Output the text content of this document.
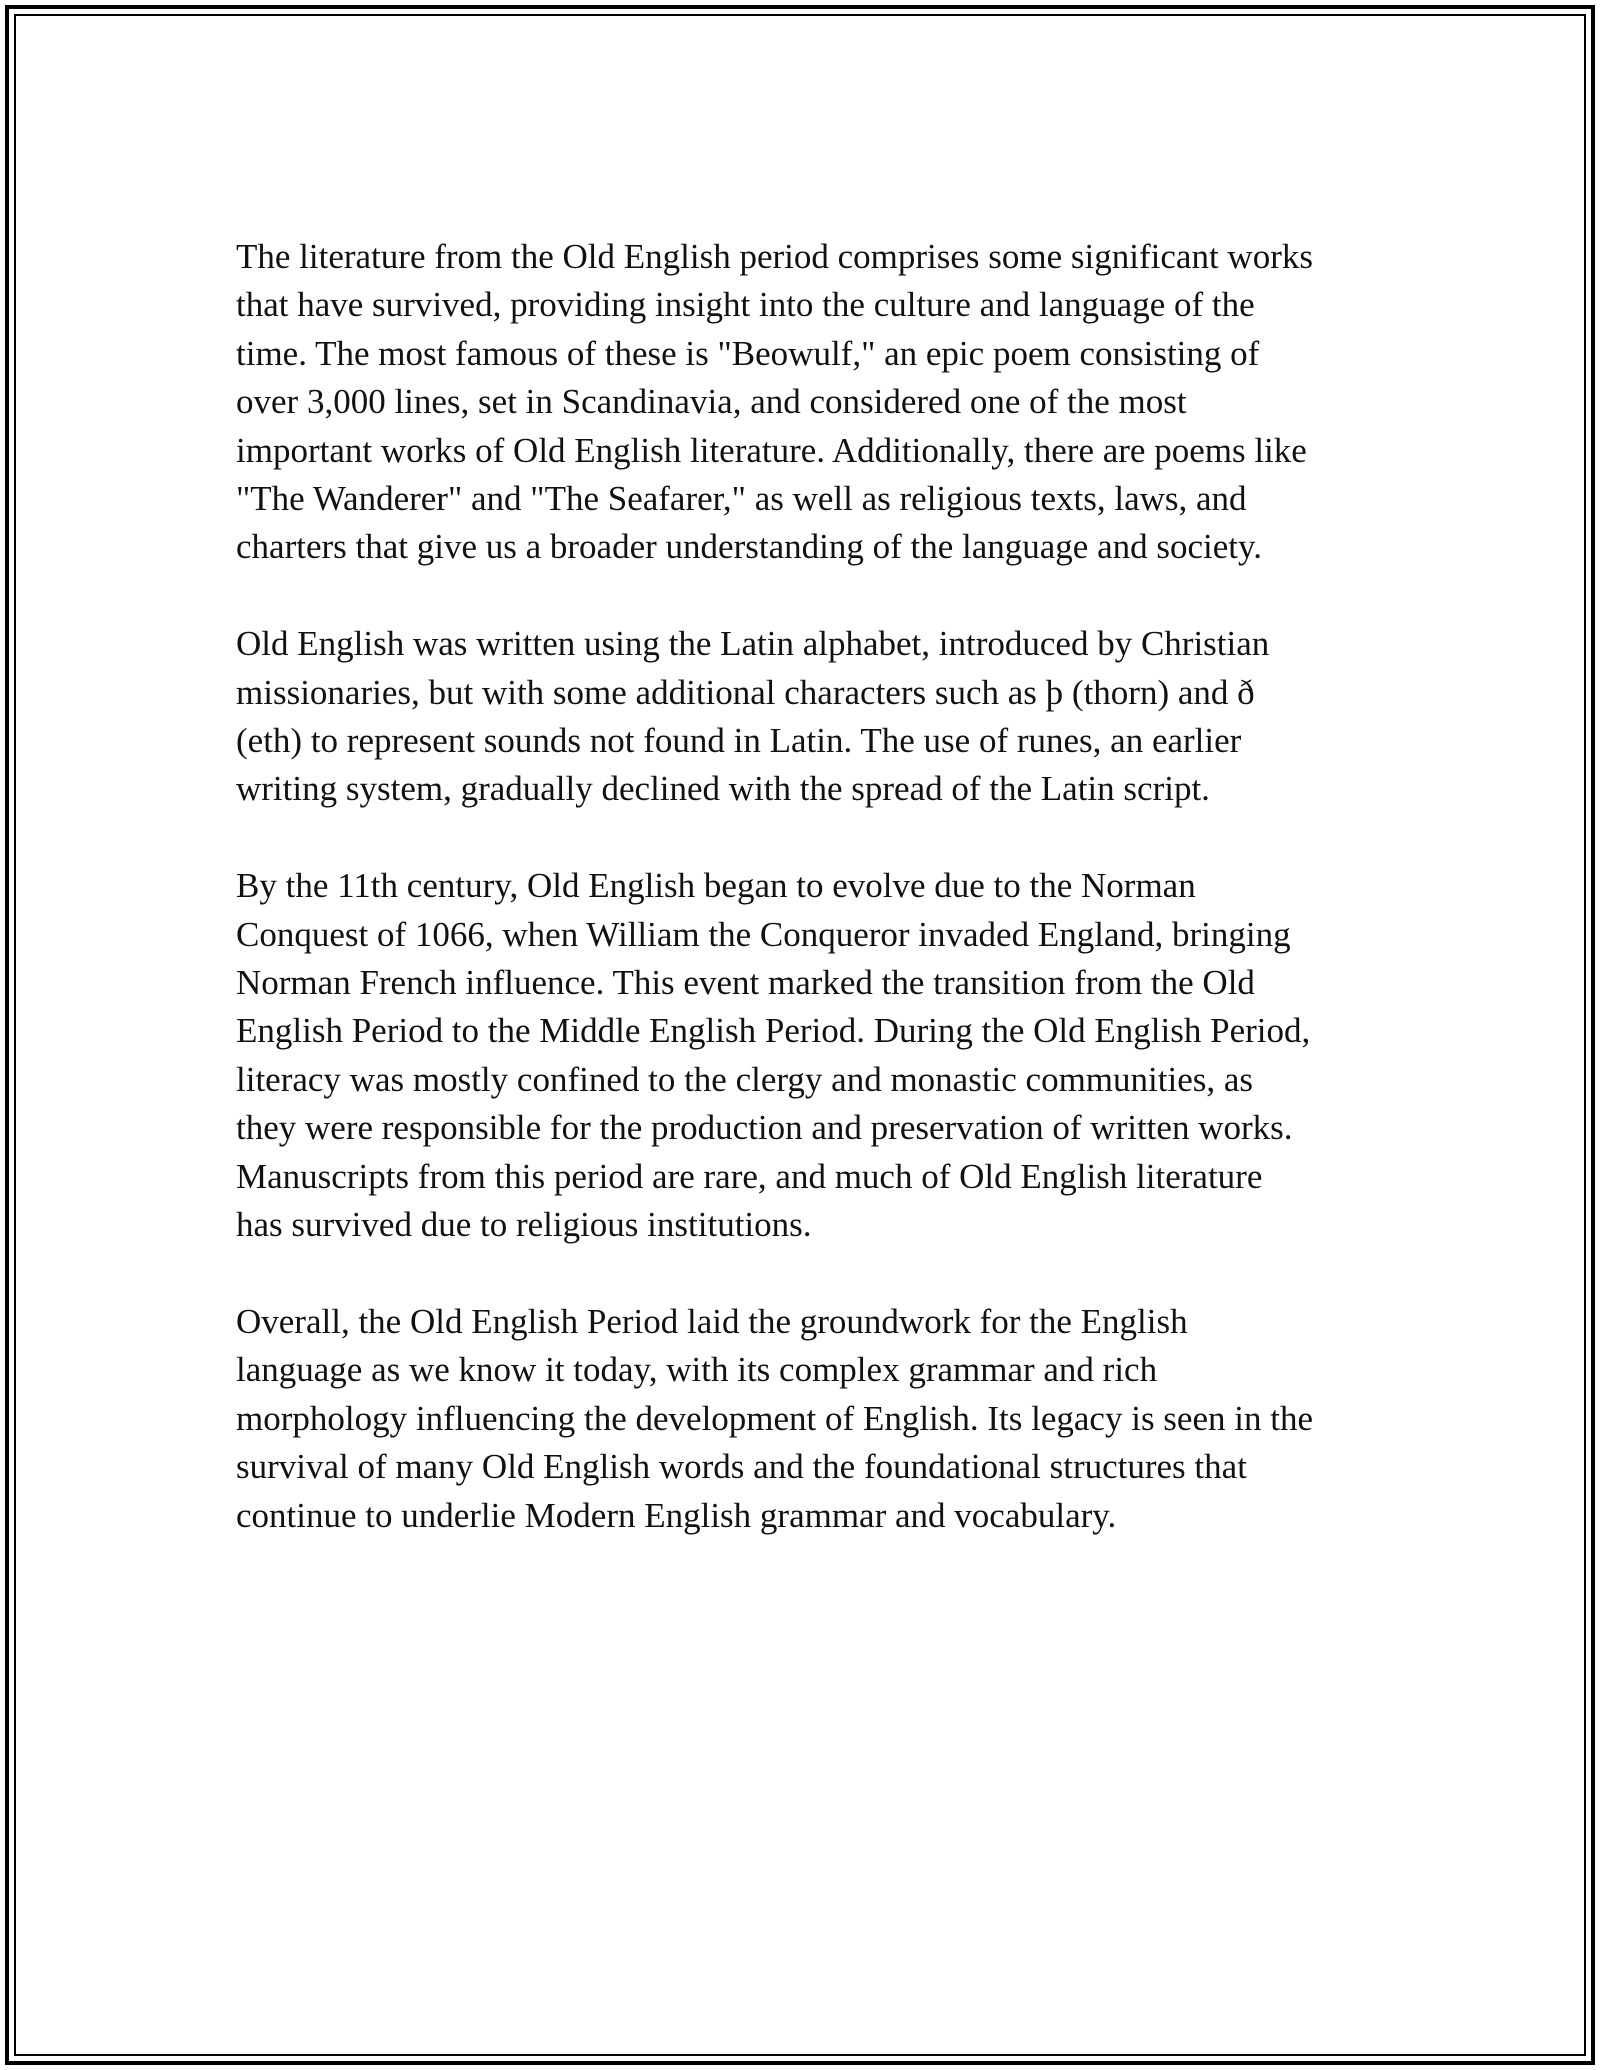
The literature from the Old English period comprises some significant works
that have survived, providing insight into the culture and language of the
time. The most famous of these is "Beowulf," an epic poem consisting of
over 3,000 lines, set in Scandinavia, and considered one of the most
important works of Old English literature. Additionally, there are poems like
"The Wanderer" and "The Seafarer," as well as religious texts, laws, and
charters that give us a broader understanding of the language and society.

Old English was written using the Latin alphabet, introduced by Christian
missionaries, but with some additional characters such as þ (thorn) and ð
(eth) to represent sounds not found in Latin. The use of runes, an earlier
writing system, gradually declined with the spread of the Latin script.

By the 11th century, Old English began to evolve due to the Norman
Conquest of 1066, when William the Conqueror invaded England, bringing
Norman French influence. This event marked the transition from the Old
English Period to the Middle English Period. During the Old English Period,
literacy was mostly confined to the clergy and monastic communities, as
they were responsible for the production and preservation of written works.
Manuscripts from this period are rare, and much of Old English literature
has survived due to religious institutions.

Overall, the Old English Period laid the groundwork for the English
language as we know it today, with its complex grammar and rich
morphology influencing the development of English. Its legacy is seen in the
survival of many Old English words and the foundational structures that
continue to underlie Modern English grammar and vocabulary.
